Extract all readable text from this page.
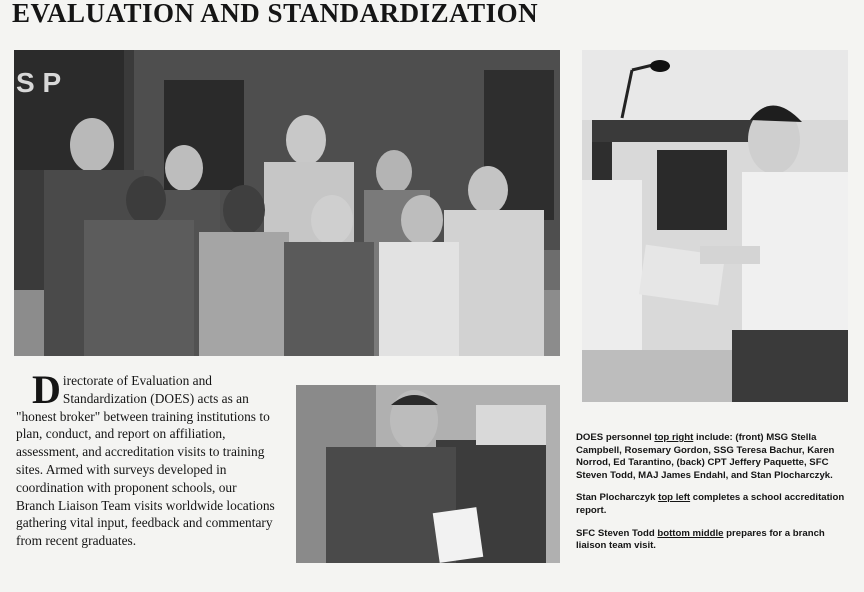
EVALUATION AND STANDARDIZATION
S P

Directorate of Evaluation and Standardization (DOES) acts as an "honest broker" between training institutions to plan, conduct, and report on affiliation, assessment, and accreditation visits to training sites. Armed with surveys developed in coordination with proponent schools, our Branch Liaison Team visits worldwide locations gathering vital input, feedback and commentary from recent graduates.

DOES personnel top right include: (front) MSG Stella Campbell, Rosemary Gordon, SSG Teresa Bachur, Karen Norrod, Ed Tarantino, (back) CPT Jeffery Paquette, SFC Steven Todd, MAJ James Endahl, and Stan Plocharczyk.

Stan Plocharczyk top left completes a school accreditation report.

SFC Steven Todd bottom middle prepares for a branch liaison team visit.
